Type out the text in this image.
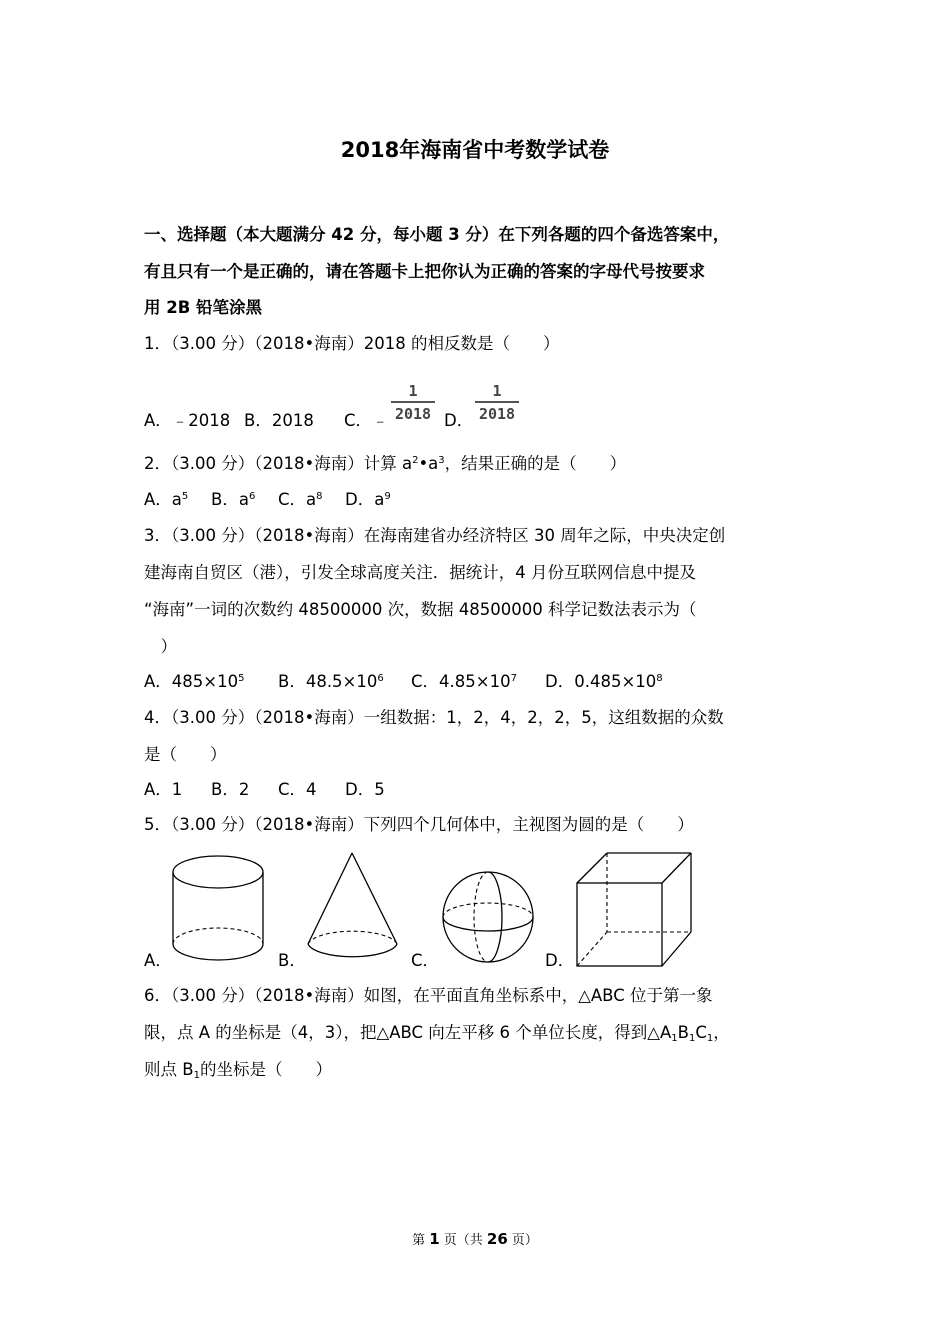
2018年海南省中考数学试卷
一、选择题（本大题满分 42 分，每小题 3 分）在下列各题的四个备选答案中，
有且只有一个是正确的，请在答题卡上把你认为正确的答案的字母代号按要求
用 2B 铅笔涂黑
1．（3.00 分）（2018•海南）2018 的相反数是（　　）
A．﹣2018 B．2018 C．﹣
1
2018 D．
1
2018
2．（3.00 分）（2018•海南）计算 $a^2•a^3$，结果正确的是（　　）
A．$a^5$ B．$a^6$ C．$a^8$ D．$a^9$
3．（3.00 分）（2018•海南）在海南建省办经济特区 30 周年之际，中央决定创
建海南自贸区（港），引发全球高度关注．据统计，4 月份互联网信息中提及
“海南”一词的次数约 48500000 次，数据 48500000 科学记数法表示为（
　）
A．$485\times 10^5$ B．$48.5\times 10^6$ C．$4.85\times 10^7$ D．$0.485\times 10^8$
4．（3.00 分）（2018•海南）一组数据：1，2，4，2，2，5，这组数据的众数
是（　　）
A．1 B．2 C．4 D．5
5．（3.00 分）（2018•海南）下列四个几何体中，主视图为圆的是（　　）
A．	B．	C．	D．
6．（3.00 分）（2018•海南）如图，在平面直角坐标系中，△ABC 位于第一象
限，点 A 的坐标是（4，3），把△ABC 向左平移 6 个单位长度，得到$\triangle A_1B_1C_1$，
则点 $B_1$的坐标是（　　）
第 1 页（共 26 页）
